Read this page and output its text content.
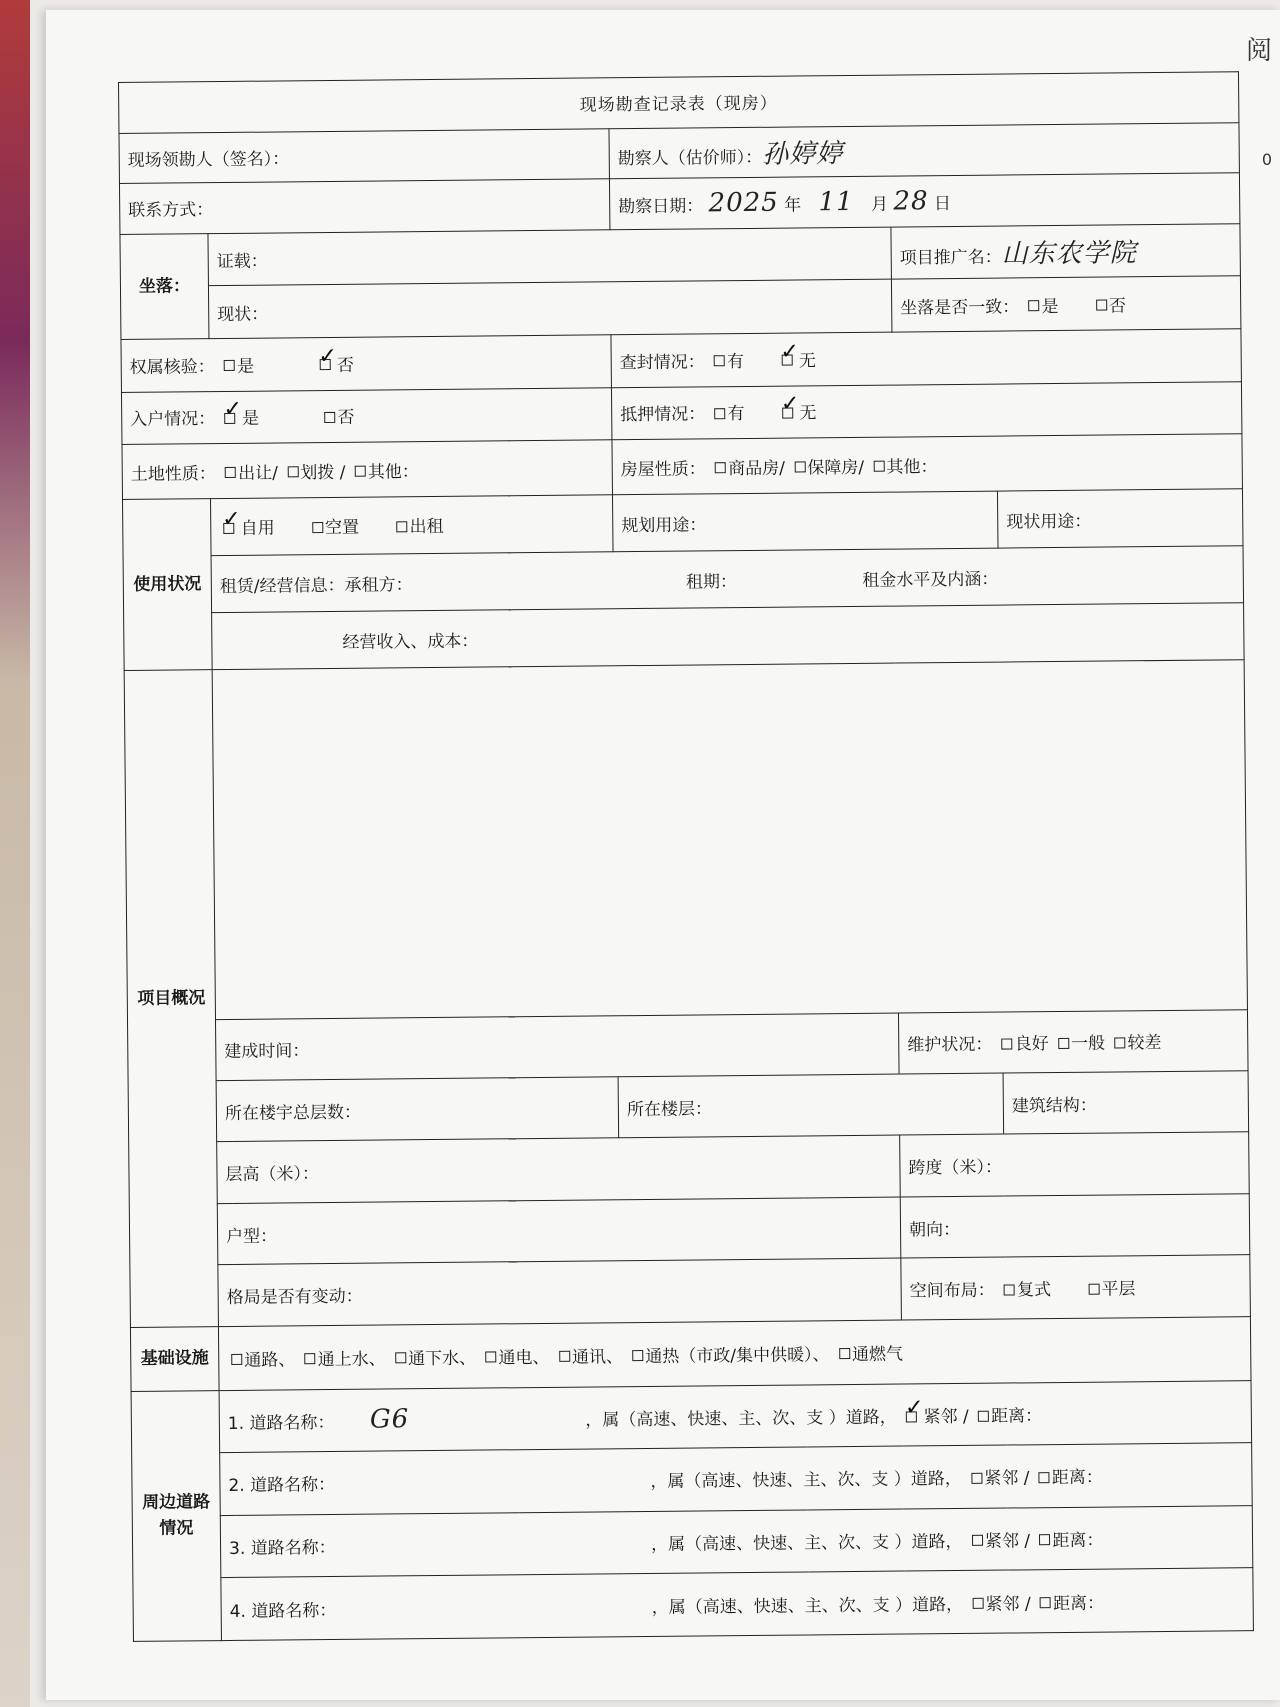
阅
0
现场勘查记录表（现房）				
现场领勘人（签名）：		勘察人（估价师）：孙婷婷		
联系方式：		勘察日期： 2025 年 11 月 28 日		
坐落：	证载：		项目推广名：山东农学院	
	现状：		坐落是否一致： 是 否	
权属核验： 是 ✓否		查封情况： 有 ✓无		
入户情况： ✓是 否		抵押情况： 有 ✓无		
土地性质： 出让/ 划拨 / 其他：		房屋性质： 商品房/ 保障房/ 其他：		
使用状况	✓自用 空置 出租	规划用途：		现状用途：
	租赁/经营信息：承租方： 租期： 租金水平及内涵：			
	经营收入、成本：			
项目概况				
	建成时间：		维护状况： 良好 一般 较差	
	所在楼宇总层数：	所在楼层：		建筑结构：
	层高（米）：		跨度（米）：	
	户型：		朝向：	
	格局是否有变动：		空间布局： 复式 平层	
基础设施	通路、 通上水、 通下水、 通电、 通讯、 通热（市政/集中供暖）、 通燃气			
周边道路情况	1. 道路名称： G6 ，属（高速、快速、主、次、支 ）道路， ✓紧邻 / 距离：			
	2. 道路名称： ，属（高速、快速、主、次、支 ）道路， 紧邻 / 距离：			
	3. 道路名称： ，属（高速、快速、主、次、支 ）道路， 紧邻 / 距离：			
	4. 道路名称： ，属（高速、快速、主、次、支 ）道路， 紧邻 / 距离：			
